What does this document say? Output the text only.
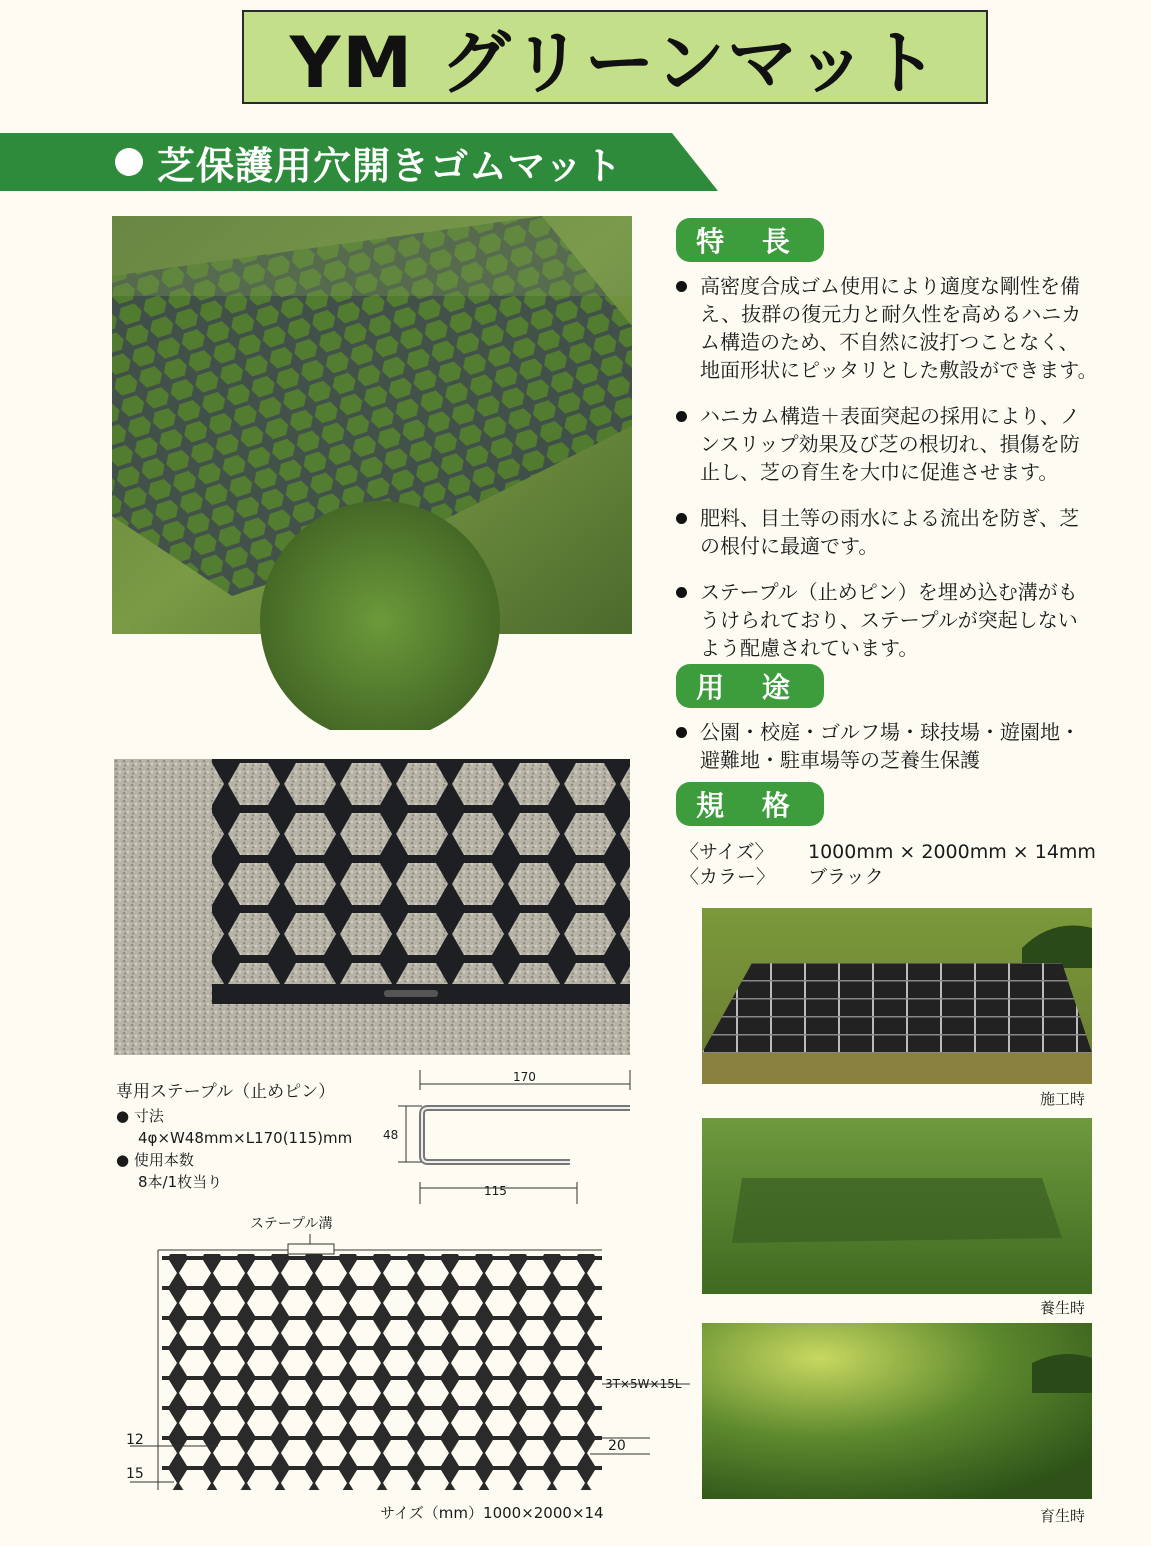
YM グリーンマット
芝保護用穴開きゴムマット
専用ステープル（止めピン）
● 寸法
4φ×W48mm×L170(115)mm
● 使用本数
8本/1枚当り
170
48
115
ステープル溝
3T×5W×15L
12
15
20
サイズ（mm）1000×2000×14
特 長
高密度合成ゴム使用により適度な剛性を備
え、抜群の復元力と耐久性を高めるハニカ
ム構造のため、不自然に波打つことなく、
地面形状にピッタリとした敷設ができます。
ハニカム構造＋表面突起の採用により、ノ
ンスリップ効果及び芝の根切れ、損傷を防
止し、芝の育生を大巾に促進させます。
肥料、目土等の雨水による流出を防ぎ、芝
の根付に最適です。
ステープル（止めピン）を埋め込む溝がも
うけられており、ステープルが突起しない
よう配慮されています。
用 途
公園・校庭・ゴルフ場・球技場・遊園地・
避難地・駐車場等の芝養生保護
規 格
〈サイズ〉	1000mm × 2000mm × 14mm
〈カラー〉	ブラック
施工時
養生時
育生時
